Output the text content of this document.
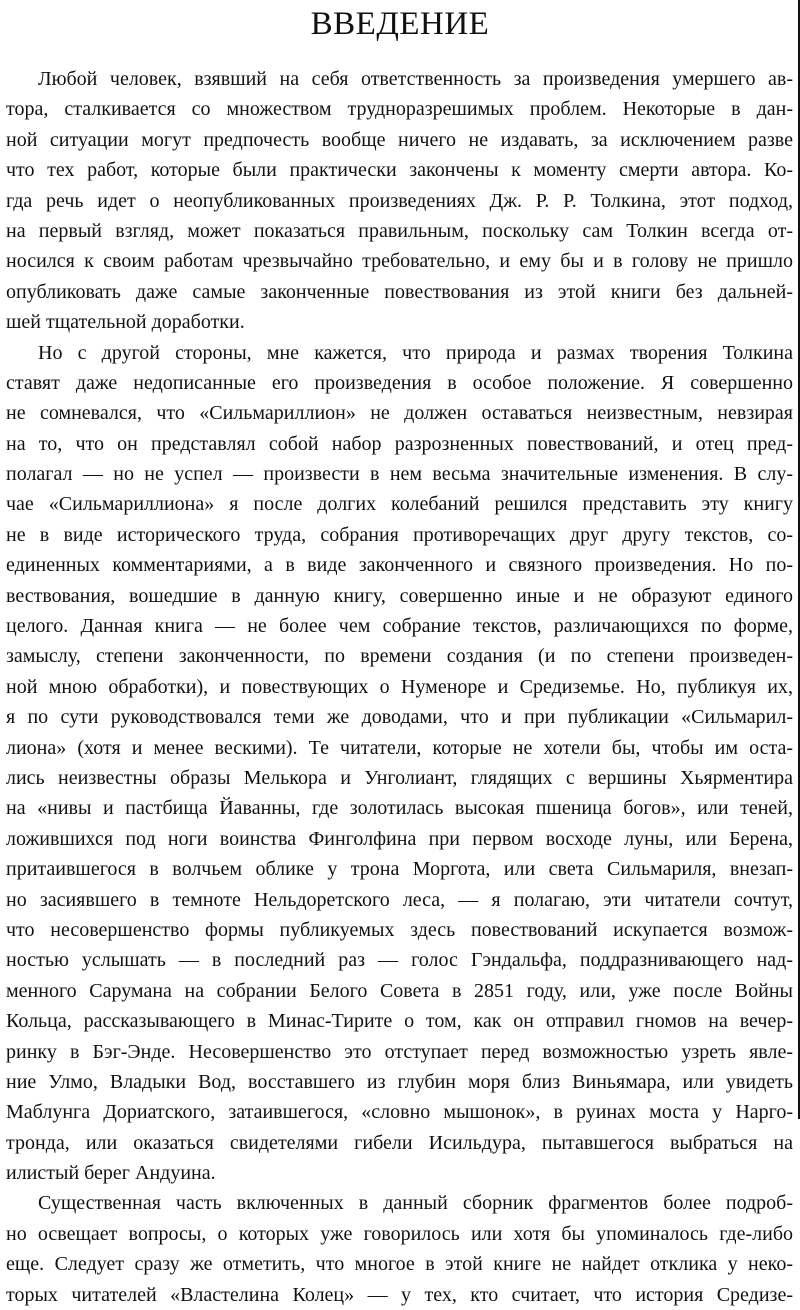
ВВЕДЕНИЕ
Любой человек, взявший на себя ответственность за произведения умершего ав-
тора, сталкивается со множеством трудноразрешимых проблем. Некоторые в дан-
ной ситуации могут предпочесть вообще ничего не издавать, за исключением разве
что тех работ, которые были практически закончены к моменту смерти автора. Ко-
гда речь идет о неопубликованных произведениях Дж. Р. Р. Толкина, этот подход,
на первый взгляд, может показаться правильным, поскольку сам Толкин всегда от-
носился к своим работам чрезвычайно требовательно, и ему бы и в голову не пришло
опубликовать даже самые законченные повествования из этой книги без дальней-
шей тщательной доработки.
Но с другой стороны, мне кажется, что природа и размах творения Толкина
ставят даже недописанные его произведения в особое положение. Я совершенно
не сомневался, что «Сильмариллион» не должен оставаться неизвестным, невзирая
на то, что он представлял собой набор разрозненных повествований, и отец пред-
полагал — но не успел — произвести в нем весьма значительные изменения. В слу-
чае «Сильмариллиона» я после долгих колебаний решился представить эту книгу
не в виде исторического труда, собрания противоречащих друг другу текстов, со-
единенных комментариями, а в виде законченного и связного произведения. Но по-
вествования, вошедшие в данную книгу, совершенно иные и не образуют единого
целого. Данная книга — не более чем собрание текстов, различающихся по форме,
замыслу, степени законченности, по времени создания (и по степени произведен-
ной мною обработки), и повествующих о Нуменоре и Средиземье. Но, публикуя их,
я по сути руководствовался теми же доводами, что и при публикации «Сильмарил-
лиона» (хотя и менее вескими). Те читатели, которые не хотели бы, чтобы им оста-
лись неизвестны образы Мелькора и Унголиант, глядящих с вершины Хьярментира
на «нивы и пастбища Йаванны, где золотилась высокая пшеница богов», или теней,
ложившихся под ноги воинства Финголфина при первом восходе луны, или Берена,
притаившегося в волчьем облике у трона Моргота, или света Сильмариля, внезап-
но засиявшего в темноте Нельдоретского леса, — я полагаю, эти читатели сочтут,
что несовершенство формы публикуемых здесь повествований искупается возмож-
ностью услышать — в последний раз — голос Гэндальфа, поддразнивающего над-
менного Сарумана на собрании Белого Совета в 2851 году, или, уже после Войны
Кольца, рассказывающего в Минас-Тирите о том, как он отправил гномов на вечер-
ринку в Бэг-Энде. Несовершенство это отступает перед возможностью узреть явле-
ние Улмо, Владыки Вод, восставшего из глубин моря близ Виньямара, или увидеть
Маблунга Дориатского, затаившегося, «словно мышонок», в руинах моста у Нарго-
тронда, или оказаться свидетелями гибели Исильдура, пытавшегося выбраться на
илистый берег Андуина.
Существенная часть включенных в данный сборник фрагментов более подроб-
но освещает вопросы, о которых уже говорилось или хотя бы упоминалось где-либо
еще. Следует сразу же отметить, что многое в этой книге не найдет отклика у неко-
торых читателей «Властелина Колец» — у тех, кто считает, что история Средизе-
